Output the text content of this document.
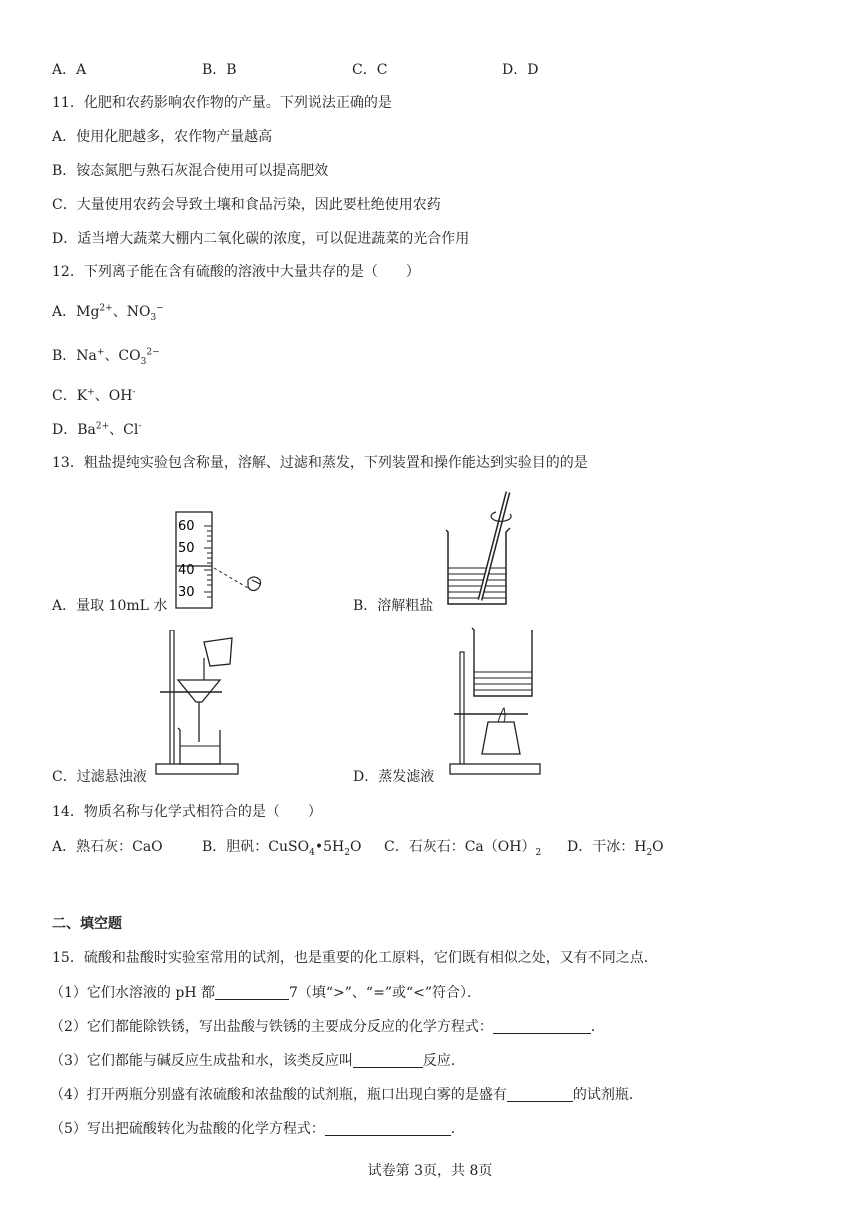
A．A	B．B	C．C	D．D
11．化肥和农药影响农作物的产量。下列说法正确的是
A．使用化肥越多，农作物产量越高
B．铵态氮肥与熟石灰混合使用可以提高肥效
C．大量使用农药会导致土壤和食品污染，因此要杜绝使用农药
D．适当增大蔬菜大棚内二氧化碳的浓度，可以促进蔬菜的光合作用
12．下列离子能在含有硫酸的溶液中大量共存的是（　　）
A．$Mg^{2+}$、$NO_3^-$
B．Na+、$CO_3^{2-}$
C．K+、OH-
D．$Ba^{2+}$、Cl-
13．粗盐提纯实验包含称量，溶解、过滤和蒸发，下列装置和操作能达到实验目的的是
60
50
40
30
A．量取 10mL 水	B．溶解粗盐
C．过滤悬浊液	D．蒸发滤液
14．物质名称与化学式相符合的是（　　）
A．熟石灰：CaO	B．胆矾：$CuSO_4•5H_2O$ C．石灰石：$Ca(OH)_2$ D．干冰：$H_2O$
二、填空题
15．硫酸和盐酸时实验室常用的试剂，也是重要的化工原料，它们既有相似之处，又有不同之点．
（1）它们水溶液的 pH 都	7（填“>”、“=”或“<”符合）．
（2）它们都能除铁锈，写出盐酸与铁锈的主要成分反应的化学方程式：	．
（3）它们都能与碱反应生成盐和水，该类反应叫	反应．
（4）打开两瓶分别盛有浓硫酸和浓盐酸的试剂瓶，瓶口出现白雾的是盛有	的试剂瓶．
（5）写出把硫酸转化为盐酸的化学方程式：	．
试卷第 3页，共 8页
